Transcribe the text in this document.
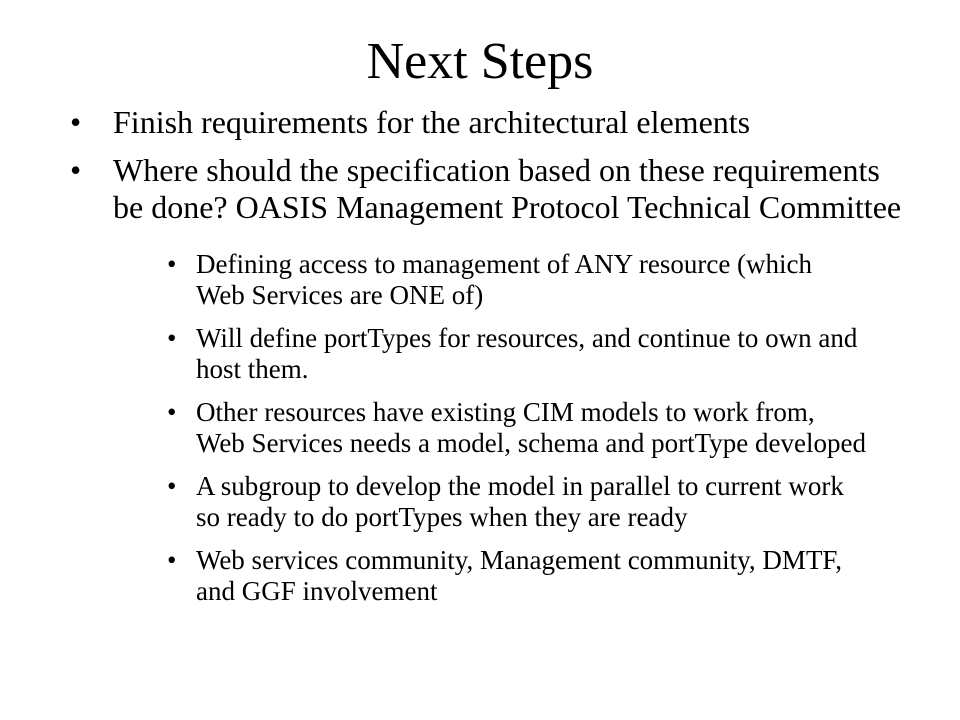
Next Steps
• Finish requirements for the architectural elements
• Where should the specification based on these requirements be done? OASIS Management Protocol Technical Committee
• Defining access to management of ANY resource (which Web Services are ONE of)
• Will define portTypes for resources, and continue to own and host them.
• Other resources have existing CIM models to work from, Web Services needs a model, schema and portType developed
• A subgroup to develop the model in parallel to current work so ready to do portTypes when they are ready
• Web services community, Management community, DMTF, and GGF involvement
